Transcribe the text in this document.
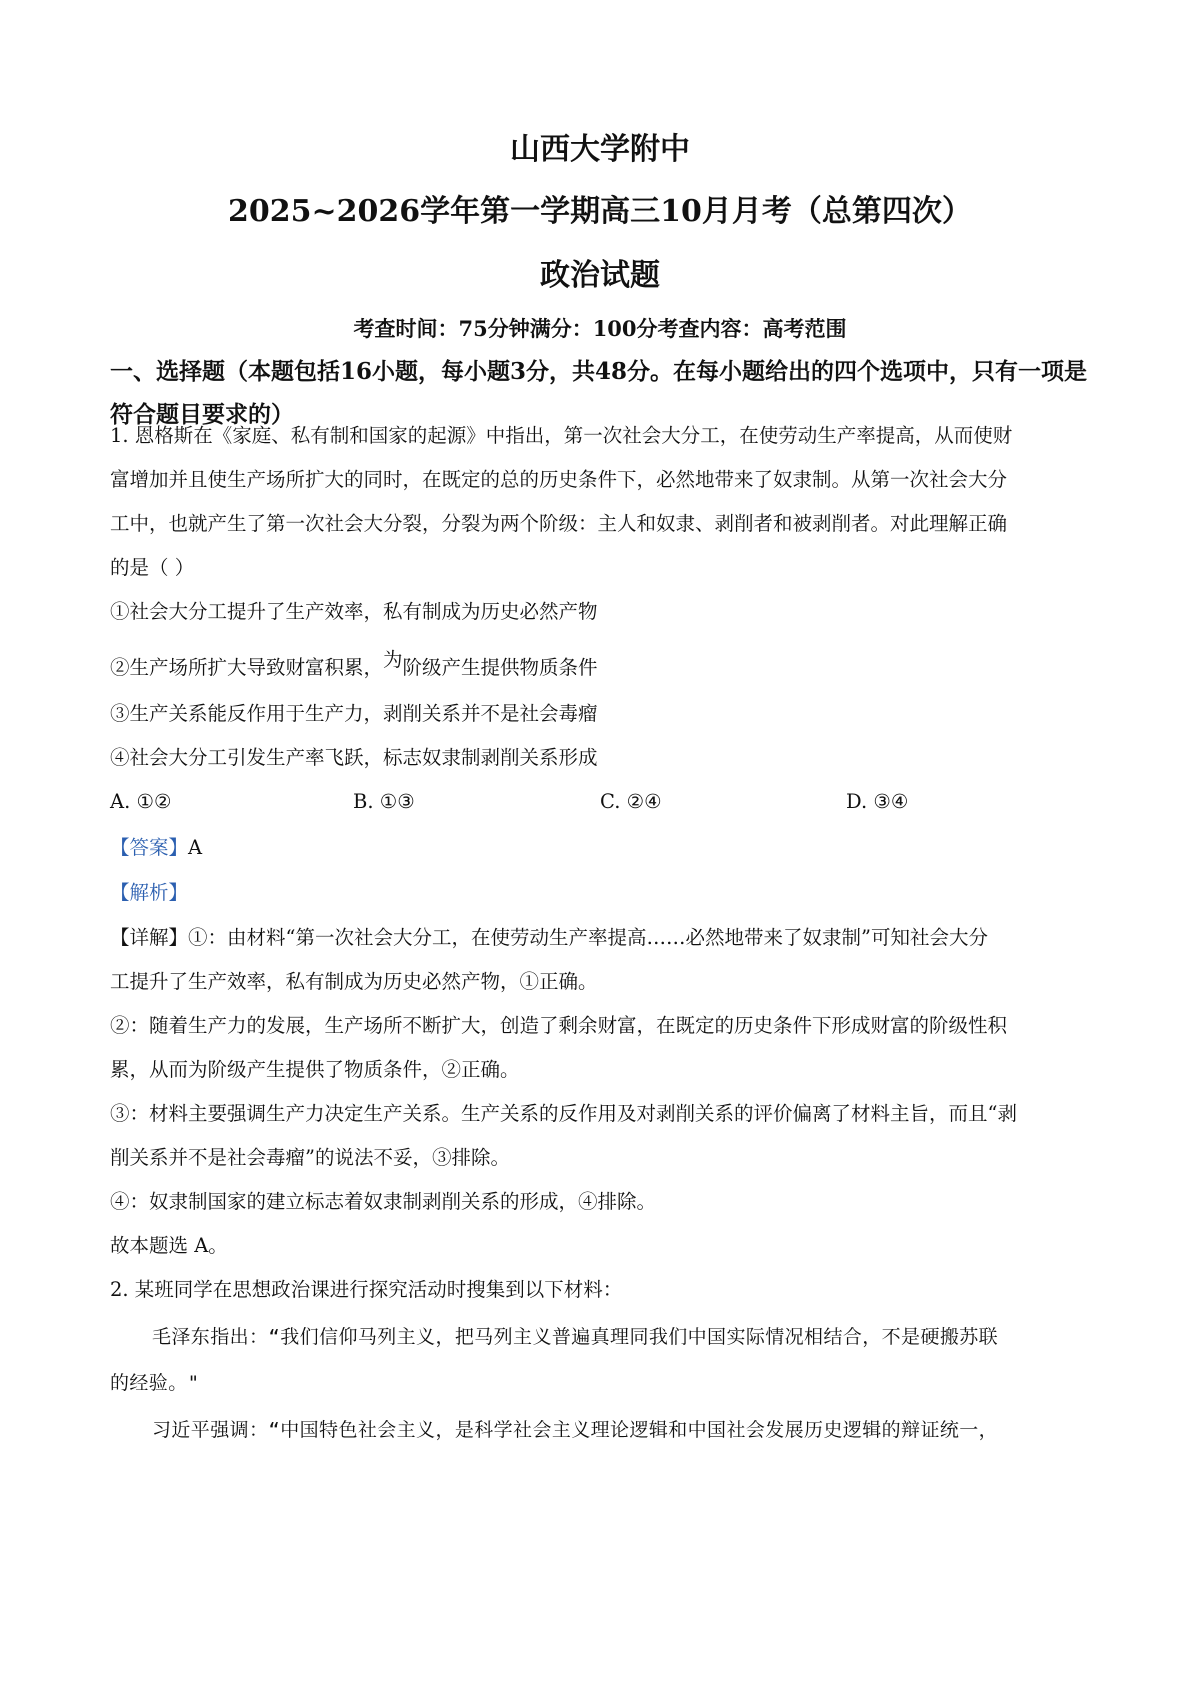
山西大学附中
2025~2026学年第一学期高三10月月考（总第四次）
政治试题
考查时间：75分钟满分：100分考查内容：高考范围

一、选择题（本题包括16小题，每小题3分，共48分。在每小题给出的四个选项中，只有一项是符合题目要求的）

1. 恩格斯在《家庭、私有制和国家的起源》中指出，第一次社会大分工，在使劳动生产率提高，从而使财
富增加并且使生产场所扩大的同时，在既定的总的历史条件下，必然地带来了奴隶制。从第一次社会大分
工中，也就产生了第一次社会大分裂，分裂为两个阶级：主人和奴隶、剥削者和被剥削者。对此理解正确
的是（ ）
①社会大分工提升了生产效率，私有制成为历史必然产物
②生产场所扩大导致财富积累，为阶级产生提供物质条件
③生产关系能反作用于生产力，剥削关系并不是社会毒瘤
④社会大分工引发生产率飞跃，标志奴隶制剥削关系形成
A. ①②	B. ①③	C. ②④	D. ③④
【答案】A
【解析】
【详解】①：由材料“第一次社会大分工，在使劳动生产率提高……必然地带来了奴隶制”可知社会大分
工提升了生产效率，私有制成为历史必然产物，①正确。
②：随着生产力的发展，生产场所不断扩大，创造了剩余财富，在既定的历史条件下形成财富的阶级性积
累，从而为阶级产生提供了物质条件，②正确。
③：材料主要强调生产力决定生产关系。生产关系的反作用及对剥削关系的评价偏离了材料主旨，而且“剥
削关系并不是社会毒瘤”的说法不妥，③排除。
④：奴隶制国家的建立标志着奴隶制剥削关系的形成，④排除。
故本题选 A。
2. 某班同学在思想政治课进行探究活动时搜集到以下材料：
毛泽东指出：“我们信仰马列主义，把马列主义普遍真理同我们中国实际情况相结合，不是硬搬苏联
的经验。"
习近平强调：“中国特色社会主义，是科学社会主义理论逻辑和中国社会发展历史逻辑的辩证统一，
